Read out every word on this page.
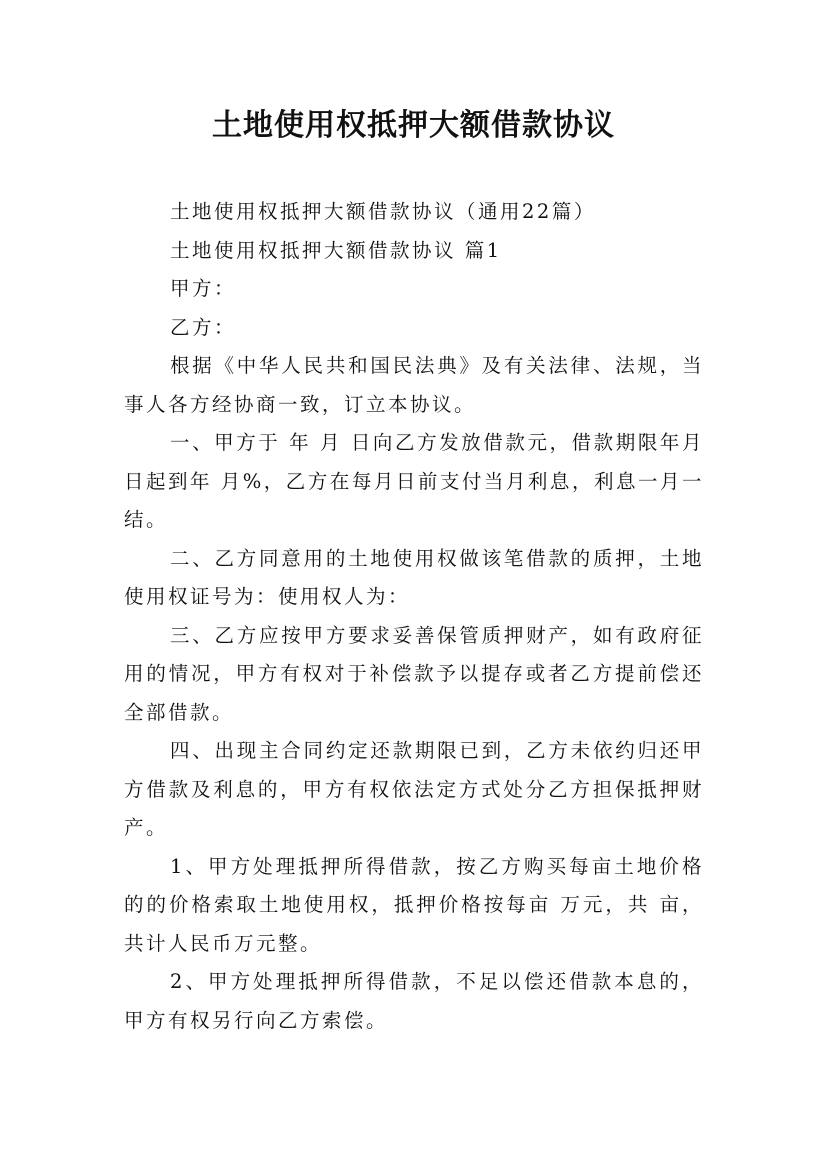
土地使用权抵押大额借款协议

土地使用权抵押大额借款协议（通用22篇）

土地使用权抵押大额借款协议 篇1

甲方：

乙方：

根据《中华人民共和国民法典》及有关法律、法规，当事人各方经协商一致，订立本协议。

一、甲方于 年 月 日向乙方发放借款元，借款期限年月 日起到年 月%，乙方在每月日前支付当月利息，利息一月一结。

二、乙方同意用的土地使用权做该笔借款的质押，土地使用权证号为：使用权人为：

三、乙方应按甲方要求妥善保管质押财产，如有政府征用的情况，甲方有权对于补偿款予以提存或者乙方提前偿还全部借款。

四、出现主合同约定还款期限已到，乙方未依约归还甲方借款及利息的，甲方有权依法定方式处分乙方担保抵押财产。

1、甲方处理抵押所得借款，按乙方购买每亩土地价格的的价格索取土地使用权，抵押价格按每亩 万元，共 亩，共计人民币万元整。

2、甲方处理抵押所得借款，不足以偿还借款本息的，甲方有权另行向乙方索偿。
